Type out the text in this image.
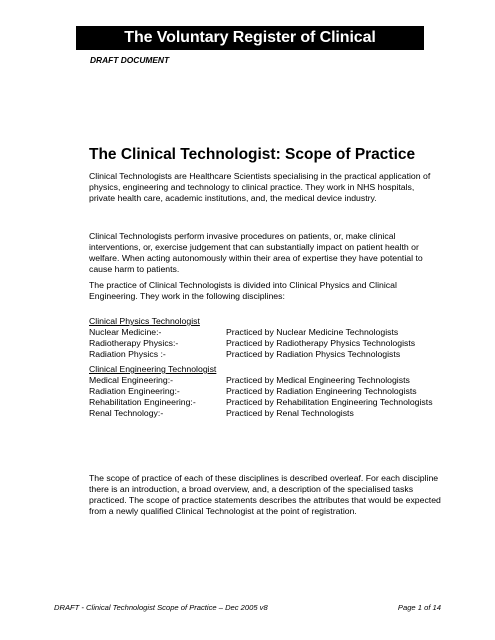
The Voluntary Register of Clinical Technologists
DRAFT DOCUMENT
The Clinical Technologist: Scope of Practice
Clinical Technologists are Healthcare Scientists specialising in the practical application of physics, engineering and technology to clinical practice. They work in NHS hospitals, private health care, academic institutions, and, the medical device industry.
Clinical Technologists perform invasive procedures on patients, or, make clinical interventions, or, exercise judgement that can substantially impact on patient health or welfare. When acting autonomously within their area of expertise they have potential to cause harm to patients.
The practice of Clinical Technologists is divided into Clinical Physics and Clinical Engineering. They work in the following disciplines:
Clinical Physics Technologist
Nuclear Medicine:-	Practiced by Nuclear Medicine Technologists
Radiotherapy Physics:-	Practiced by Radiotherapy Physics Technologists
Radiation Physics :-	Practiced by Radiation Physics Technologists
Clinical Engineering Technologist
Medical Engineering:-	Practiced by Medical Engineering Technologists
Radiation Engineering:-	Practiced by Radiation Engineering Technologists
Rehabilitation Engineering:-	Practiced by Rehabilitation Engineering Technologists
Renal Technology:-	Practiced by Renal Technologists
The scope of practice of each of these disciplines is described overleaf. For each discipline there is an introduction, a broad overview, and, a description of the specialised tasks practiced. The scope of practice statements describes the attributes that would be expected from a newly qualified Clinical Technologist at the point of registration.
DRAFT - Clinical Technologist Scope of Practice – Dec 2005 v8	Page 1 of 14
